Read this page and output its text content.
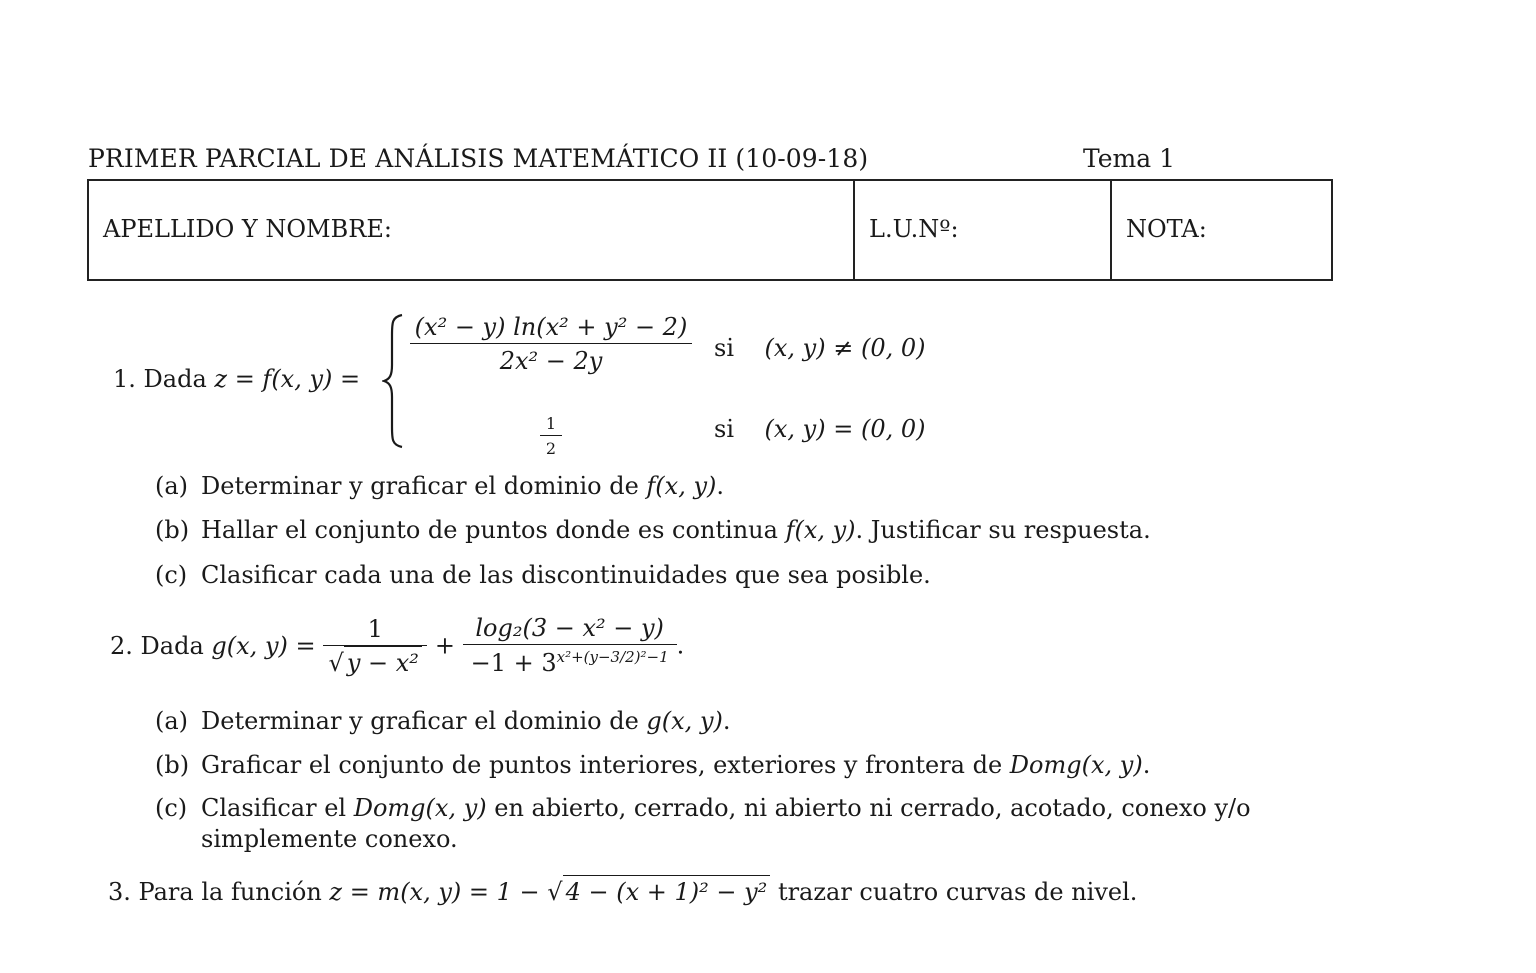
PRIMER PARCIAL DE ANÁLISIS MATEMÁTICO II (10-09-18)	Tema 1
APELLIDO Y NOMBRE:	L.U.Nº:	NOTA:
1. Dada z = f(x, y) =
$\frac{\text{(x² − y) ln(x² + y² − 2)}}{\text{2x² − 2y}}$ si (x, y) ≠ (0, 0)
$\frac{1}{2}$	si (x, y) = (0, 0)
(a) Determinar y graficar el dominio de f(x, y).
(b) Hallar el conjunto de puntos donde es continua f(x, y). Justificar su respuesta.
(c) Clasificar cada una de las discontinuidades que sea posible.
2. Dada g(x, $y) = \frac{1}{\text{√ y − x²}} + \frac{\text{log₂(3 − x² − y)}}{-1 + 3^{x^2+(y-3/2)^2-1}}$ .
(a) Determinar y graficar el dominio de g(x, y).
(b) Graficar el conjunto de puntos interiores, exteriores y frontera de Domg(x, y).
(c) Clasificar el Domg(x, y) en abierto, cerrado, ni abierto ni cerrado, acotado, conexo y/o
simplemente conexo.
3. Para la función z = m(x, y) = 1 − √ 4 − (x + 1)² − y² trazar cuatro curvas de nivel.
